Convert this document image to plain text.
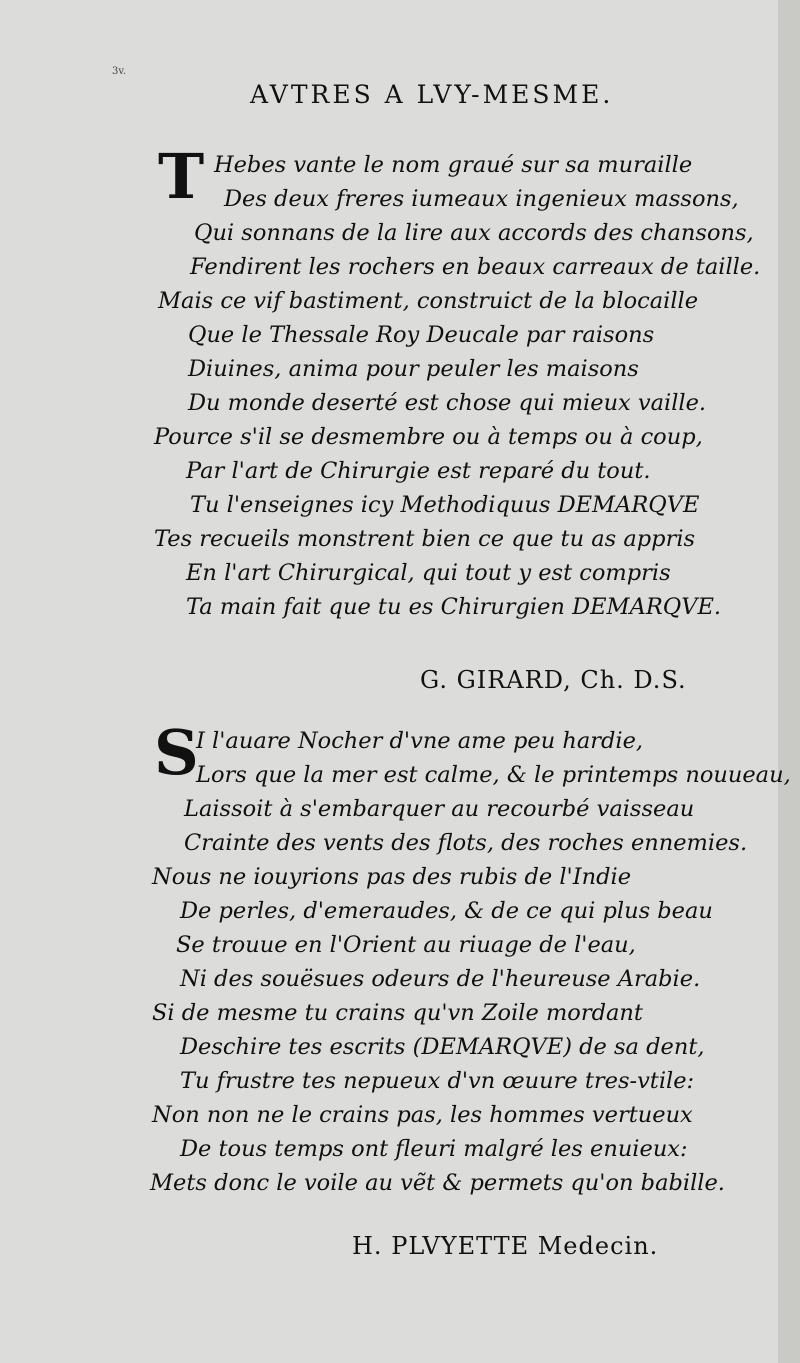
3v.
AVTRES A LVY-MESME.
T Hebes vante le nom graué sur sa muraille
Des deux freres iumeaux ingenieux massons,
Qui sonnans de la lire aux accords des chansons,
Fendirent les rochers en beaux carreaux de taille.
Mais ce vif bastiment, construict de la blocaille
Que le Thessale Roy Deucale par raisons
Diuines, anima pour peuler les maisons
Du monde deserté est chose qui mieux vaille.
Pource s'il se desmembre ou à temps ou à coup,
Par l'art de Chirurgie est reparé du tout.
Tu l'enseignes icy Methodiquus DEMARQVE
Tes recueils monstrent bien ce que tu as appris
En l'art Chirurgical, qui tout y est compris
Ta main fait que tu es Chirurgien DEMARQVE.
G. GIRARD, Ch. D.S.
S
I l'auare Nocher d'vne ame peu hardie,
Lors que la mer est calme, & le printemps nouueau,
Laissoit à s'embarquer au recourbé vaisseau
Crainte des vents des flots, des roches ennemies.
Nous ne iouyrions pas des rubis de l'Indie
De perles, d'emeraudes, & de ce qui plus beau
Se trouue en l'Orient au riuage de l'eau,
Ni des souësues odeurs de l'heureuse Arabie.
Si de mesme tu crains qu'vn Zoile mordant
Deschire tes escrits (DEMARQVE) de sa dent,
Tu frustre tes nepueux d'vn œuure tres-vtile:
Non non ne le crains pas, les hommes vertueux
De tous temps ont fleuri malgré les enuieux:
Mets donc le voile au vẽt & permets qu'on babille.
H. PLVYETTE Medecin.
